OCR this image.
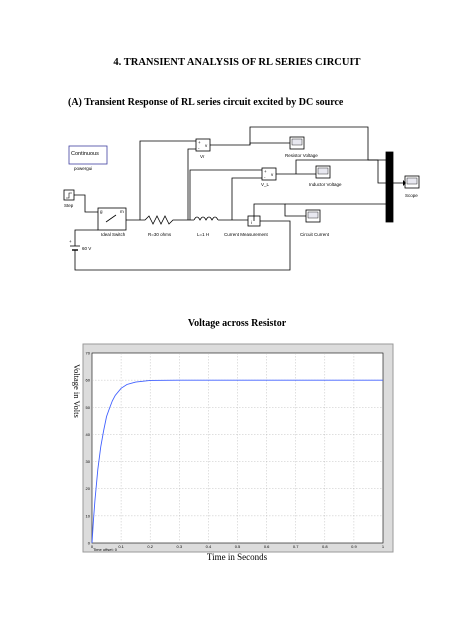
4. TRANSIENT ANALYSIS OF RL SERIES CIRCUIT
(A) Transient Response of RL series circuit excited by DC source
Continuous
powergui
Step
g	m
Ideal Switch	R=30 ohms	L=1 H	Current Measurement
i
60 V
+
+
-
v
Vr
+
-
v
V_L
Resistor Voltage
Inductor Voltage
Circuit Current
Scope
0
10
20
30
40
50
60
70
0	0.1	0.2	0.3	0.4	0.5	0.6	0.7	0.8	0.9	1
Time offset: 0
Voltage in Volts
Voltage across Resistor
Time in Seconds
